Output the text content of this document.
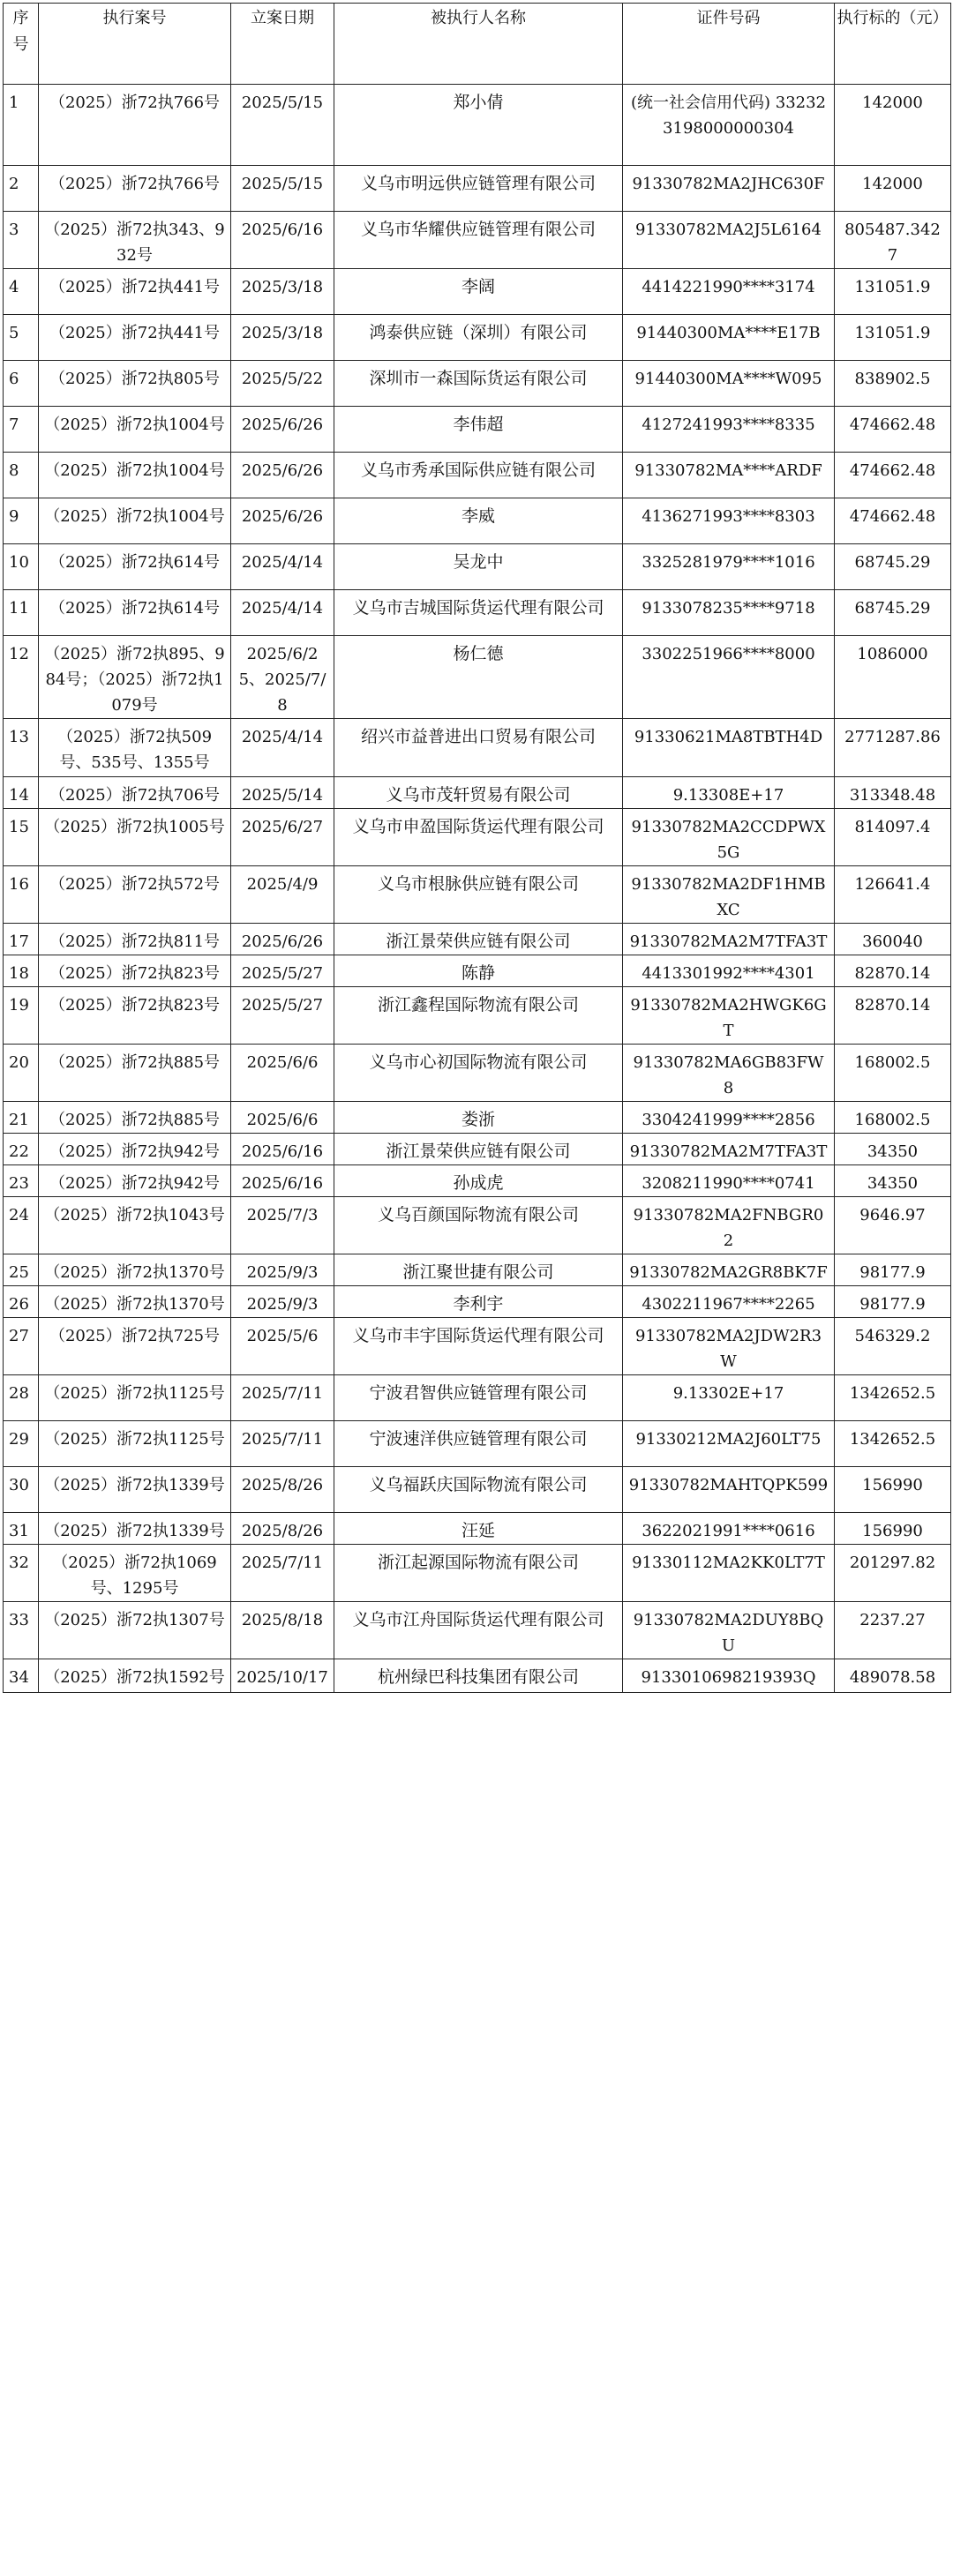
序号	执行案号	立案日期	被执行人名称	证件号码	执行标的（元）
1	（2025）浙72执766号	2025/5/15	郑小倩	(统一社会信用代码) 332323198000000304	142000
2	（2025）浙72执766号	2025/5/15	义乌市明远供应链管理有限公司	91330782MA2JHC630F	142000
3	（2025）浙72执343、932号	2025/6/16	义乌市华耀供应链管理有限公司	91330782MA2J5L6164	805487.3427
4	（2025）浙72执441号	2025/3/18	李阔	4414221990****3174	131051.9
5	（2025）浙72执441号	2025/3/18	鸿泰供应链（深圳）有限公司	91440300MA****E17B	131051.9
6	（2025）浙72执805号	2025/5/22	深圳市一森国际货运有限公司	91440300MA****W095	838902.5
7	（2025）浙72执1004号	2025/6/26	李伟超	4127241993****8335	474662.48
8	（2025）浙72执1004号	2025/6/26	义乌市秀承国际供应链有限公司	91330782MA****ARDF	474662.48
9	（2025）浙72执1004号	2025/6/26	李威	4136271993****8303	474662.48
10	（2025）浙72执614号	2025/4/14	吴龙中	3325281979****1016	68745.29
11	（2025）浙72执614号	2025/4/14	义乌市吉城国际货运代理有限公司	9133078235****9718	68745.29
12	（2025）浙72执895、984号；（2025）浙72执1079号	2025/6/25、2025/7/8	杨仁德	3302251966****8000	1086000
13	（2025）浙72执509号、535号、1355号	2025/4/14	绍兴市益普进出口贸易有限公司	91330621MA8TBTH4D	2771287.86
14	（2025）浙72执706号	2025/5/14	义乌市茂轩贸易有限公司	9.13308E+17	313348.48
15	（2025）浙72执1005号	2025/6/27	义乌市申盈国际货运代理有限公司	91330782MA2CCDPWX5G	814097.4
16	（2025）浙72执572号	2025/4/9	义乌市根脉供应链有限公司	91330782MA2DF1HMBXC	126641.4
17	（2025）浙72执811号	2025/6/26	浙江景荣供应链有限公司	91330782MA2M7TFA3T	360040
18	（2025）浙72执823号	2025/5/27	陈静	4413301992****4301	82870.14
19	（2025）浙72执823号	2025/5/27	浙江鑫程国际物流有限公司	91330782MA2HWGK6GT	82870.14
20	（2025）浙72执885号	2025/6/6	义乌市心初国际物流有限公司	91330782MA6GB83FW8	168002.5
21	（2025）浙72执885号	2025/6/6	娄浙	3304241999****2856	168002.5
22	（2025）浙72执942号	2025/6/16	浙江景荣供应链有限公司	91330782MA2M7TFA3T	34350
23	（2025）浙72执942号	2025/6/16	孙成虎	3208211990****0741	34350
24	（2025）浙72执1043号	2025/7/3	义乌百颜国际物流有限公司	91330782MA2FNBGR02	9646.97
25	（2025）浙72执1370号	2025/9/3	浙江聚世捷有限公司	91330782MA2GR8BK7F	98177.9
26	（2025）浙72执1370号	2025/9/3	李利宇	4302211967****2265	98177.9
27	（2025）浙72执725号	2025/5/6	义乌市丰宇国际货运代理有限公司	91330782MA2JDW2R3W	546329.2
28	（2025）浙72执1125号	2025/7/11	宁波君智供应链管理有限公司	9.13302E+17	1342652.5
29	（2025）浙72执1125号	2025/7/11	宁波速洋供应链管理有限公司	91330212MA2J60LT75	1342652.5
30	（2025）浙72执1339号	2025/8/26	义乌福跃庆国际物流有限公司	91330782MAHTQPK599	156990
31	（2025）浙72执1339号	2025/8/26	汪延	3622021991****0616	156990
32	（2025）浙72执1069号、1295号	2025/7/11	浙江起源国际物流有限公司	91330112MA2KK0LT7T	201297.82
33	（2025）浙72执1307号	2025/8/18	义乌市江舟国际货运代理有限公司	91330782MA2DUY8BQU	2237.27
34	（2025）浙72执1592号	2025/10/17	杭州绿巴科技集团有限公司	9133010698219393Q	489078.58
